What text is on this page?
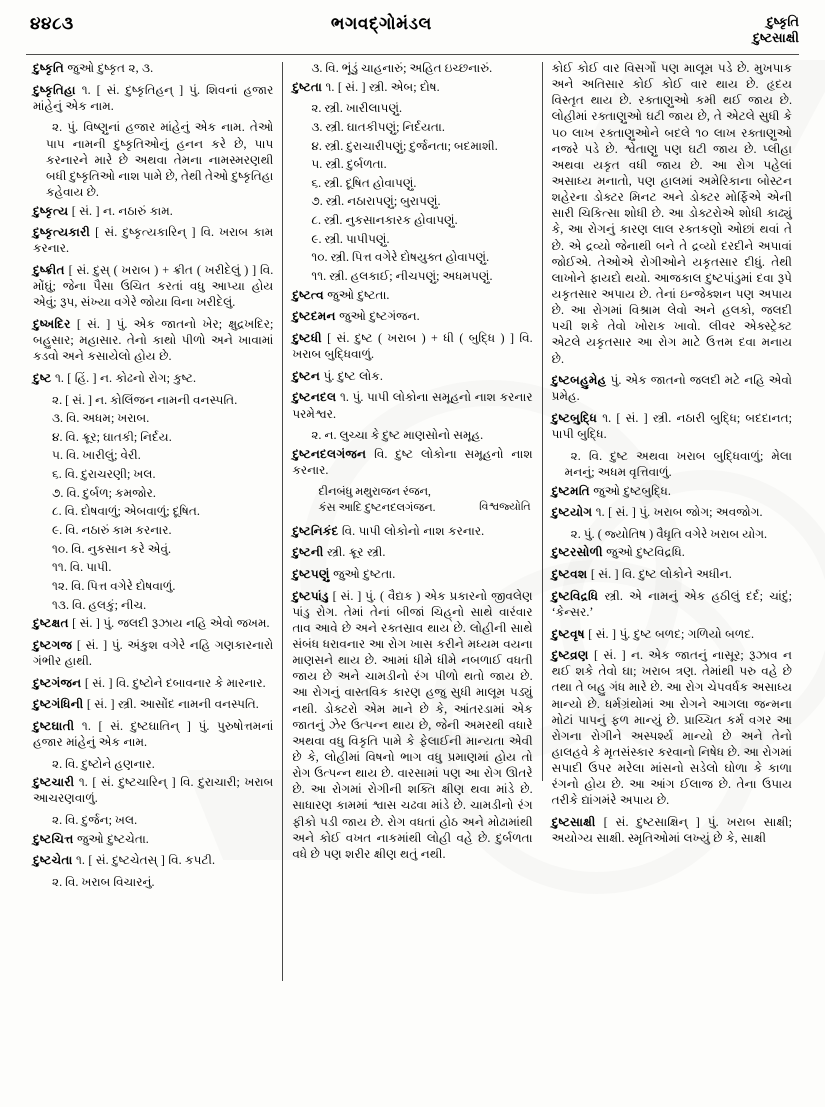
૪૪૮૩	ભગવદ્ગોમંડલ	દુષ્કૃતિ
દુષ્ટસાક્ષી
દુષ્કૃતિ જુઓ દુષ્કૃત ૨, ૩.
દુષ્કૃતિહા ૧. [ સં. દુષ્કૃતિહન્ ] પું. શિવનાં હજાર માંહેનું એક નામ.
૨. પું. વિષ્ણુનાં હજાર માંહેનું એક નામ. તેઓ પાપ નામની દુષ્કૃતિઓનું હનન કરે છે, પાપ કરનારને મારે છે અથવા તેમના નામસ્મરણથી બધી દુષ્કૃતિઓ નાશ પામે છે, તેથી તેઓ દુષ્કૃતિહા કહેવાય છે.
દુષ્કૃત્ય [ સં. ] ન. નઠારું કામ.
દુષ્કૃત્યકારી [ સં. દુષ્કૃત્યકારિન્ ] વિ. ખરાબ કામ કરનાર.
દુષ્ક્રીત [ સં. દુસ્ ( ખરાબ ) + ક્રીત ( ખરીદેલું ) ] વિ. મોંઘું; જેના પૈસા ઉચિત કરતાં વધુ આપ્યા હોય એવું; રૂપ, સંખ્યા વગેરે જોયા વિના ખરીદેલું.
દુષ્ખદિર [ સં. ] પું. એક જાતનો ખેર; ક્ષુદ્રખદિર; બહુસાર; મહાસાર. તેનો કાથો પીળો અને ખાવામાં કડવો અને કસાયેલો હોય છે.
દુષ્ટ ૧. [ હિં. ] ન. કોઢનો રોગ; કુષ્ટ.
૨. [ સં. ] ન. કોલિંજન નામની વનસ્પતિ.
૩. વિ. અધમ; ખરાબ.
૪. વિ. ક્રૂર; ઘાતકી; નિર્દય.
૫. વિ. ખારીલું; વેરી.
૬. વિ. દુરાચરણી; ખલ.
૭. વિ. દુર્બળ; કમજોર.
૮. વિ. દોષવાળું; એબવાળું; દૂષિત.
૯. વિ. નઠારું કામ કરનાર.
૧૦. વિ. નુકસાન કરે એવું.
૧૧. વિ. પાપી.
૧૨. વિ. પિત્ત વગેરે દોષવાળું.
૧૩. વિ. હલકું; નીચ.
દુષ્ટક્ષત [ સં. ] પું. જલદી રૂઝાય નહિ એવો જખમ.
દુષ્ટગજ [ સં. ] પું. અંકુશ વગેરે નહિ ગણકારનારો ગંભીર હાથી.
દુષ્ટગંજન [ સં. ] વિ. દુષ્ટોને દબાવનાર કે મારનાર.
દુષ્ટગંધિની [ સં. ] સ્ત્રી. આસોંદ નામની વનસ્પતિ.
દુષ્ટઘાતી ૧. [ સં. દુષ્ટઘાતિન્ ] પું. પુરુષોત્તમનાં હજાર માંહેનું એક નામ.
૨. વિ. દુષ્ટોને હણનાર.
દુષ્ટચારી ૧. [ સં. દુષ્ટચારિન્ ] વિ. દુરાચારી; ખરાબ આચરણવાળું.
૨. વિ. દુર્જન; ખલ.
દુષ્ટચિત્ત જુઓ દુષ્ટચેતા.
દુષ્ટચેતા ૧. [ સં. દુષ્ટચેતસ્ ] વિ. કપટી.
૨. વિ. ખરાબ વિચારનું.
૩. વિ. ભૂંડું ચાહનારું; અહિત ઇચ્છનારું.
દુષ્ટતા ૧. [ સં. ] સ્ત્રી. એબ; દોષ.
૨. સ્ત્રી. ખારીલાપણું.
૩. સ્ત્રી. ઘાતકીપણું; નિર્દયતા.
૪. સ્ત્રી. દુરાચારીપણું; દુર્જનતા; બદમાશી.
૫. સ્ત્રી. દુર્બળતા.
૬. સ્ત્રી. દૂષિત હોવાપણું.
૭. સ્ત્રી. નઠારાપણું; બુરાપણું.
૮. સ્ત્રી. નુકસાનકારક હોવાપણું.
૯. સ્ત્રી. પાપીપણું.
૧૦. સ્ત્રી. પિત્ત વગેરે દોષયુક્ત હોવાપણું.
૧૧. સ્ત્રી. હલકાઈ; નીચપણું; અધમપણું.
દુષ્ટત્વ જુઓ દુષ્ટતા.
દુષ્ટદમન જુઓ દુષ્ટગંજન.
દુષ્ટધી [ સં. દુષ્ટ ( ખરાબ ) + ધી ( બુદ્ધિ ) ] વિ. ખરાબ બુદ્ધિવાળું.
દુષ્ટન પું. દુષ્ટ લોક.
દુષ્ટનદલ ૧. પું. પાપી લોકોના સમૂહનો નાશ કરનાર પરમેશ્વર.
૨. ન. લુચ્ચા કે દુષ્ટ માણસોનો સમૂહ.
દુષ્ટનદલગંજન વિ. દુષ્ટ લોકોના સમૂહનો નાશ કરનાર.
દીનબંધુ મથુરાજન રંજન,
કંસ આદિ દુષ્ટનદલગંજન.	વિશ્વજ્યોતિ
દુષ્ટનિકંદ વિ. પાપી લોકોનો નાશ કરનાર.
દુષ્ટની સ્ત્રી. ક્રૂર સ્ત્રી.
દુષ્ટપણું જુઓ દુષ્ટતા.
દુષ્ટપાંડુ [ સં. ] પું. ( વૈદ્યક ) એક પ્રકારનો જીવલેણ પાંડુ રોગ. તેમાં તેનાં બીજાં ચિહ્‌નો સાથે વારંવાર તાવ આવે છે અને રક્તસ્રાવ થાય છે. લોહીની સાથે સંબંધ ધરાવનાર આ રોગ ખાસ કરીને મધ્યમ વયના માણસને થાય છે. આમાં ધીમે ધીમે નબળાઈ વધતી જાય છે અને ચામડીનો રંગ પીળો થતો જાય છે. આ રોગનું વાસ્તવિક કારણ હજુ સુધી માલૂમ પડ્યું નથી. ડોક્ટરો એમ માને છે કે, આંતરડામાં એક જાતનું ઝેર ઉત્પન્ન થાય છે, જેની અમરથી વધારે અથવા વધુ વિકૃતિ પામે કે ફેલાઈની માન્યતા એવી છે કે, લોહીમાં વિષનો ભાગ વધુ પ્રમાણમાં હોય તો રોગ ઉત્પન્ન થાય છે. વારસામાં પણ આ રોગ ઊતરે છે. આ રોગમાં રોગીની શક્તિ ક્ષીણ થવા માંડે છે. સાધારણ કામમાં શ્વાસ ચઢવા માંડે છે. ચામડીનો રંગ ફીકો પડી જાય છે. રોગ વધતાં હોઠ અને મોઢામાંથી અને કોઈ વખત નાકમાંથી લોહી વહે છે. દુર્બળતા વધે છે પણ શરીર ક્ષીણ થતું નથી.
કોઈ કોઈ વાર વિસર્ગો પણ માલૂમ પડે છે. મુખપાક અને અતિસાર કોઈ કોઈ વાર થાય છે. હૃદય વિસ્તૃત થાય છે. રક્તાણુઓ કમી થઈ જાય છે. લોહીમાં રક્તાણુઓ ઘટી જાય છે, તે એટલે સુધી કે ૫૦ લાખ રક્તાણુઓને બદલે ૧૦ લાખ રક્તાણુઓ નજરે પડે છે. શ્વેતાણુ પણ ઘટી જાય છે. પ્લીહા અથવા યકૃત વધી જાય છે. આ રોગ પહેલાં અસાધ્ય મનાતો, પણ હાલમાં અમેરિકાના બોસ્ટન શહેરના ડોક્ટર મિનટ અને ડોક્ટર મોર્ફિએ એની સારી ચિકિત્સા શોધી છે. આ ડોક્ટરોએ શોધી કાઢ્યું કે, આ રોગનું કારણ લાલ રક્તકણો ઓછાં થવાં તે છે. એ દ્રવ્યો જેનાથી બને તે દ્રવ્યો દરદીને અપાવાં જોઈએ. તેઓએ રોગીઓને યકૃતસાર દીધું. તેથી લાખોને ફાયદો થયો. આજકાલ દુષ્ટપાંડુમાં દવા રૂપે યકૃતસાર અપાય છે. તેનાં ઇન્જેક્શન પણ અપાય છે. આ રોગમાં વિશ્રામ લેવો અને હલકો, જલદી પચી શકે તેવો ખોરાક ખાવો. લીવર એક્સ્ટ્રેક્ટ એટલે યકૃતસાર આ રોગ માટે ઉત્તમ દવા મનાય છે.
દુષ્ટબહુમેહ પું. એક જાતનો જલદી મટે નહિ એવો પ્રમેહ.
દુષ્ટબુદ્ધિ ૧. [ સં. ] સ્ત્રી. નઠારી બુદ્ધિ; બદદાનત; પાપી બુદ્ધિ.
૨. વિ. દુષ્ટ અથવા ખરાબ બુદ્ધિવાળું; મેલા મનનું; અધમ વૃત્તિવાળું.
દુષ્ટમતિ જુઓ દુષ્ટબુદ્ધિ.
દુષ્ટયોગ ૧. [ સં. ] પું. ખરાબ જોગ; અવજોગ.
૨. પું. ( જ્યોતિષ ) વૈધૃતિ વગેરે ખરાબ યોગ.
દુષ્ટરસોળી જુઓ દુષ્ટવિદ્રધિ.
દુષ્ટવશ [ સં. ] વિ. દુષ્ટ લોકોને અધીન.
દુષ્ટવિદ્રધિ સ્ત્રી. એ નામનું એક હઠીલું દર્દ; ચાંદું; ‘કેન્સર.’
દુષ્ટવૃષ [ સં. ] પું. દુષ્ટ બળદ; ગળિયો બળદ.
દુષ્ટવ્રણ [ સં. ] ન. એક જાતનું નાસૂર; રૂઝાવ ન થઈ શકે તેવો ઘા; ખરાબ ત્રણ. તેમાંથી પરુ વહે છે તથા તે બહુ ગંધ મારે છે. આ રોગ ચેપવર્ધક અસાધ્ય માન્યો છે. ધર્મગ્રંથોમાં આ રોગને આગલા જન્મના મોટાં પાપનું ફળ માન્યું છે. પ્રાચ્ચિત કર્મ વગર આ રોગના રોગીને અસ્પર્શ્ય માન્યો છે અને તેનો હાલહવે કે મૃતસંસ્કાર કરવાનો નિષેધ છે. આ રોગમાં સપાદી ઉપર મરેલા માંસનો સડેલો ઘોળા કે કાળા રંગનો હોય છે. આ આંગ ઈલાજ છે. તેના ઉપાય તરીકે દ્યાંગમંરે અપાય છે.
દુષ્ટસાક્ષી [ સં. દુષ્ટસાક્ષિન્ ] પું. ખરાબ સાક્ષી; અયોગ્ય સાક્ષી. સ્મૃતિઓમાં લખ્યું છે કે, સાક્ષી
